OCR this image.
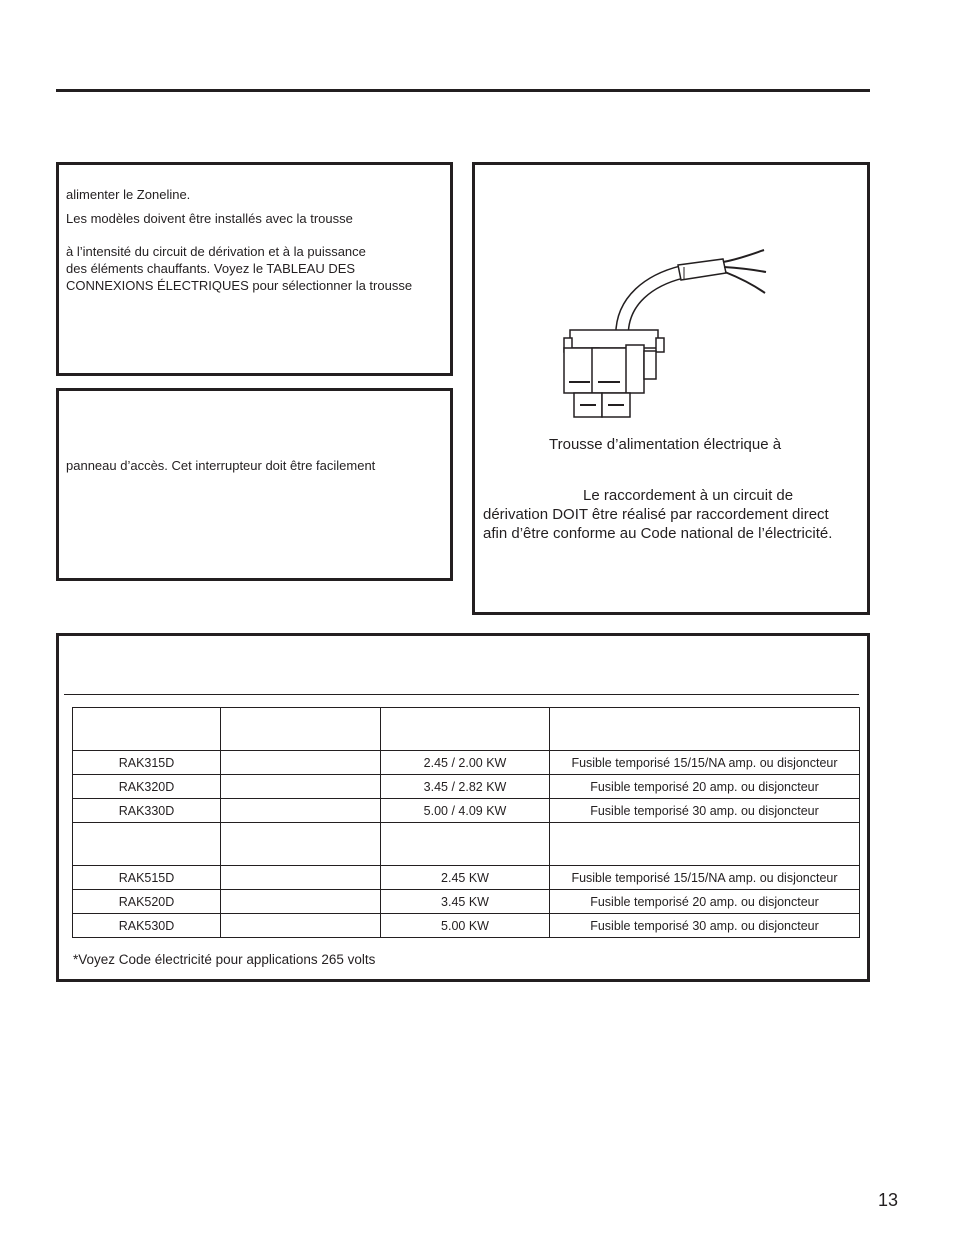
alimenter le Zoneline.
Les modèles doivent être installés avec la trousse
à l’intensité du circuit de dérivation et à la puissance
des éléments chauffants. Voyez le TABLEAU DES
CONNEXIONS ÉLECTRIQUES pour sélectionner la trousse
panneau d’accès. Cet interrupteur doit être facilement
Trousse d’alimentation électrique à
Le raccordement à un circuit de
dérivation DOIT être réalisé par raccordement direct
afin d’être conforme au Code national de l’électricité.

RAK315D		2.45 / 2.00 KW	Fusible temporisé 15/15/NA amp. ou disjoncteur
RAK320D		3.45 / 2.82 KW	Fusible temporisé 20 amp. ou disjoncteur
RAK330D		5.00 / 4.09 KW	Fusible temporisé 30 amp. ou disjoncteur

RAK515D		2.45 KW	Fusible temporisé 15/15/NA amp. ou disjoncteur
RAK520D		3.45 KW	Fusible temporisé 20 amp. ou disjoncteur
RAK530D		5.00 KW	Fusible temporisé 30 amp. ou disjoncteur
*Voyez Code électricité pour applications 265 volts
13
